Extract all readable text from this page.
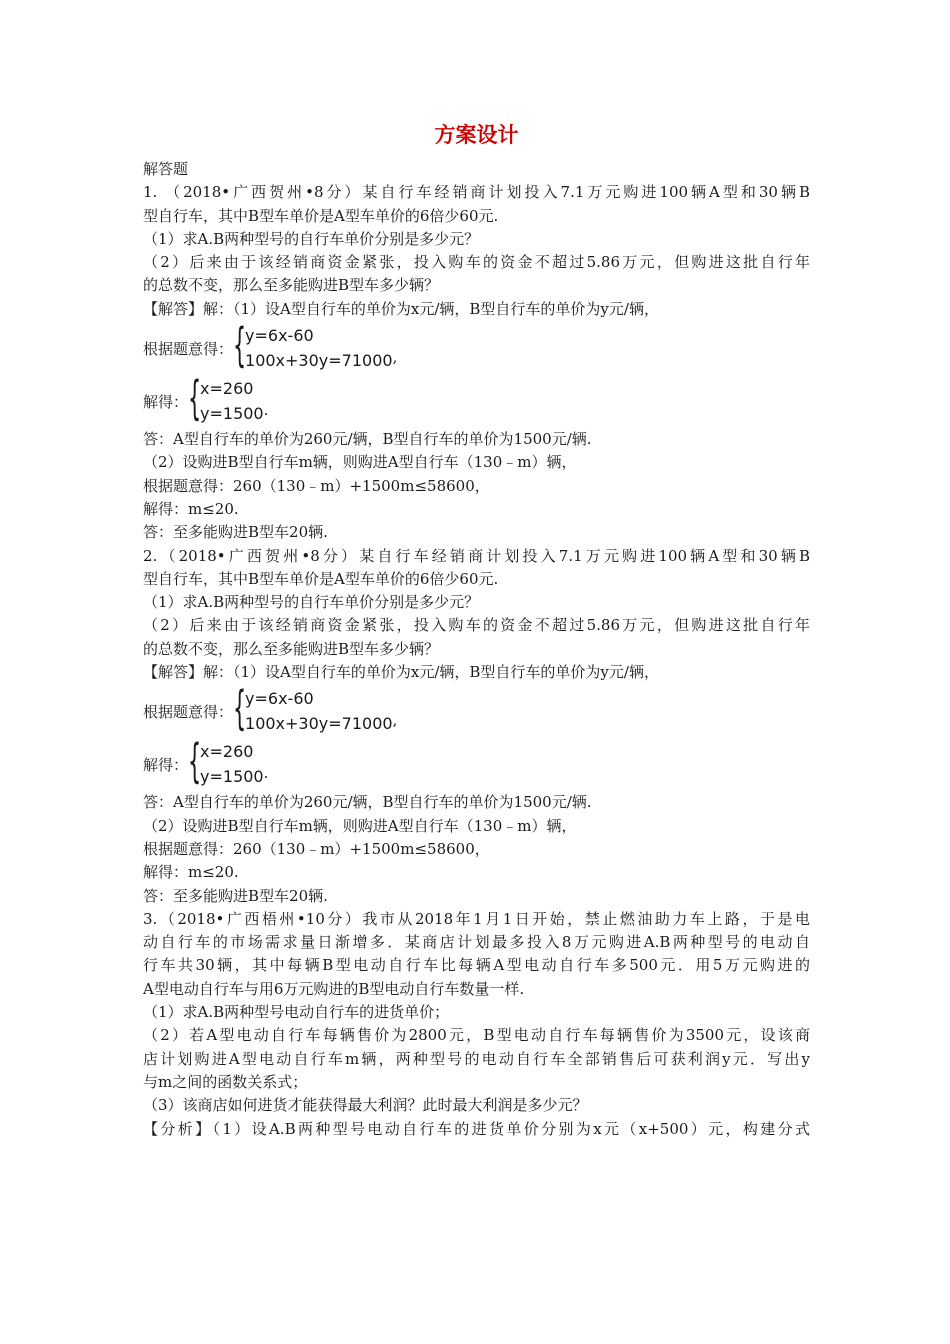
方案设计
解答题
1. （2018•广西贺州•8分）某自行车经销商计划投入7.1万元购进100辆A型和30辆B
型自行车，其中B型车单价是A型车单价的6倍少60元.
（1）求A.B两种型号的自行车单价分别是多少元？
（2）后来由于该经销商资金紧张，投入购车的资金不超过5.86万元，但购进这批自行年
的总数不变，那么至多能购进B型车多少辆？
【解答】解：（1）设A型自行车的单价为x元/辆，B型自行车的单价为y元/辆，
根据题意得： {
y=6x-60
100x+30y=71000 ,
解得： {
x=260
y=1500 .
答：A型自行车的单价为260元/辆，B型自行车的单价为1500元/辆.
（2）设购进B型自行车m辆，则购进A型自行车（130﹣m）辆，
根据题意得：260（130﹣m）+1500m≤58600，
解得：m≤20.
答：至多能购进B型车20辆.
2.（2018•广西贺州•8分）某自行车经销商计划投入7.1万元购进100辆A型和30辆B
型自行车，其中B型车单价是A型车单价的6倍少60元.
（1）求A.B两种型号的自行车单价分别是多少元？
（2）后来由于该经销商资金紧张，投入购车的资金不超过5.86万元，但购进这批自行年
的总数不变，那么至多能购进B型车多少辆？
【解答】解：（1）设A型自行车的单价为x元/辆，B型自行车的单价为y元/辆，
根据题意得： {
y=6x-60
100x+30y=71000 ,
解得： {
x=260
y=1500 .
答：A型自行车的单价为260元/辆，B型自行车的单价为1500元/辆.
（2）设购进B型自行车m辆，则购进A型自行车（130﹣m）辆，
根据题意得：260（130﹣m）+1500m≤58600，
解得：m≤20.
答：至多能购进B型车20辆.
3.（2018•广西梧州•10分）我市从2018年1月1日开始，禁止燃油助力车上路，于是电
动自行车的市场需求量日渐增多．某商店计划最多投入8万元购进A.B两种型号的电动自
行车共30辆，其中每辆B型电动自行车比每辆A型电动自行车多500元．用5万元购进的
A型电动自行车与用6万元购进的B型电动自行车数量一样.
（1）求A.B两种型号电动自行车的进货单价；
（2）若A型电动自行车每辆售价为2800元，B型电动自行车每辆售价为3500元，设该商
店计划购进A型电动自行车m辆，两种型号的电动自行车全部销售后可获利润y元．写出y
与m之间的函数关系式；
（3）该商店如何进货才能获得最大利润？此时最大利润是多少元？
【分析】（1）设A.B两种型号电动自行车的进货单价分别为x元（x+500）元，构建分式
